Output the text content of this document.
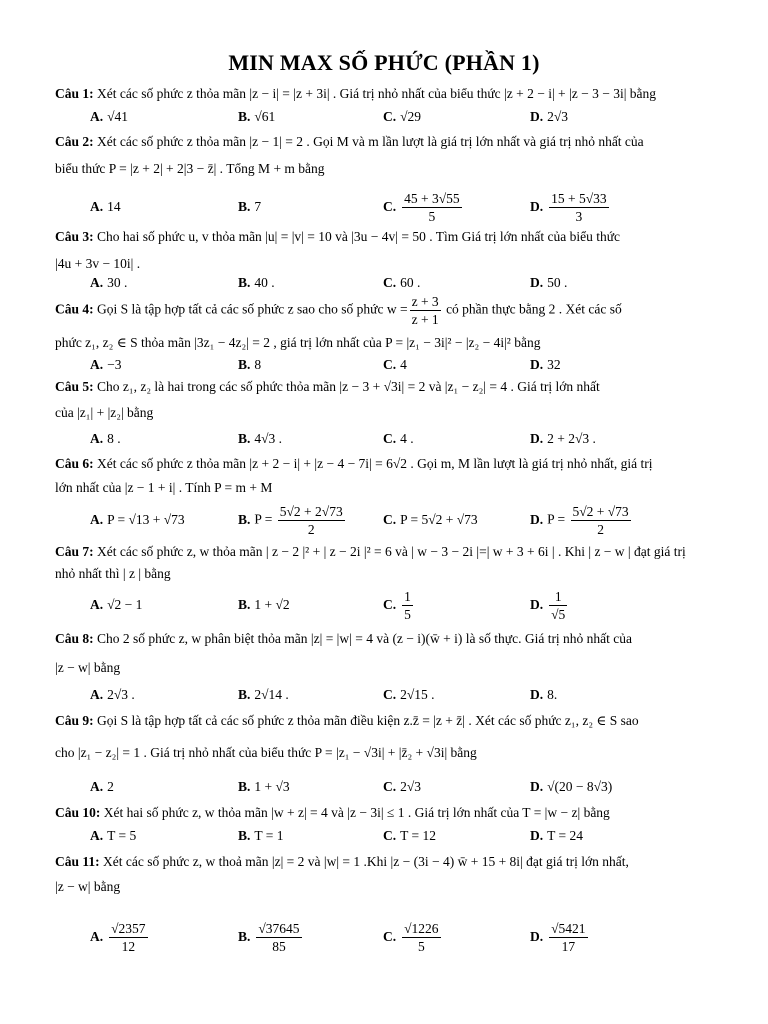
MIN MAX SỐ PHỨC (PHẦN 1)
Câu 1: Xét các số phức z thỏa mãn |z − i| = |z + 3i| . Giá trị nhỏ nhất của biểu thức |z + 2 − i| + |z − 3 − 3i| bằng
A. √41	B. √61	C. √29	D. 2√3
Câu 2: Xét các số phức z thỏa mãn |z − 1| = 2 . Gọi M và m lần lượt là giá trị lớn nhất và giá trị nhỏ nhất của
biểu thức P = |z + 2| + 2|3 − z̄| . Tổng M + m bằng
A. 14	B. 7	C. $\frac{45 + 3√55}{5}$	D. $\frac{15 + 5√33}{3}$
Câu 3: Cho hai số phức u, v thỏa mãn |u| = |v| = 10 và |3u − 4v| = 50 . Tìm Giá trị lớn nhất của biểu thức
|4u + 3v − 10i| .
A. 30 .	B. 40 .	C. 60 .	D. 50 .
Câu 4: Gọi S là tập hợp tất cả các số phức z sao cho số phức $w = \frac{z + 3}{z + 1}$ có phần thực bằng 2 . Xét các số
phức z₁, z₂ ∈ S thỏa mãn |3z₁ − 4z₂| = 2 , giá trị lớn nhất của P = |z₁ − 3i|² − |z₂ − 4i|² bằng
A. −3	B. 8	C. 4	D. 32
Câu 5: Cho z₁, z₂ là hai trong các số phức thỏa mãn |z − 3 + √3i| = 2 và |z₁ − z₂| = 4 . Giá trị lớn nhất
của |z₁| + |z₂| bằng
A. 8 .	B. 4√3 .	C. 4 .	D. 2 + 2√3 .
Câu 6: Xét các số phức z thỏa mãn |z + 2 − i| + |z − 4 − 7i| = 6√2 . Gọi m, M lần lượt là giá trị nhỏ nhất, giá trị
lớn nhất của |z − 1 + i| . Tính P = m + M
A. P = √13 + √73	B. $P = \frac{5√2 + 2√73}{2}$	C. P = 5√2 + √73	D. $P = \frac{5√2 + √73}{2}$
Câu 7: Xét các số phức z, w thỏa mãn | z − 2 |² + | z − 2i |² = 6 và | w − 3 − 2i |=| w + 3 + 6i | . Khi | z − w | đạt giá trị
nhỏ nhất thì | z | bằng
A. √2 − 1	B. 1 + √2	C. $\frac{1}{5}$	D. $\frac{1}{√5}$
Câu 8: Cho 2 số phức z, w phân biệt thỏa mãn |z| = |w| = 4 và (z − i)(w̄ + i) là số thực. Giá trị nhỏ nhất của
|z − w| bằng
A. 2√3 .	B. 2√14 .	C. 2√15 .	D. 8.
Câu 9: Gọi S là tập hợp tất cả các số phức z thỏa mãn điều kiện z.z̄ = |z + z̄| . Xét các số phức z₁, z₂ ∈ S sao
cho |z₁ − z₂| = 1 . Giá trị nhỏ nhất của biểu thức P = |z₁ − √3i| + |z̄₂ + √3i| bằng
A. 2	B. 1 + √3	C. 2√3	D. √(20 − 8√3)
Câu 10: Xét hai số phức z, w thỏa mãn |w + z| = 4 và |z − 3i| ≤ 1 . Giá trị lớn nhất của T = |w − z| bằng
A. T = 5	B. T = 1	C. T = 12	D. T = 24
Câu 11: Xét các số phức z, w thoả mãn |z| = 2 và |w| = 1 .Khi |z − (3i − 4) w̄ + 15 + 8i| đạt giá trị lớn nhất,
|z − w| bằng
A. $\frac{√2357}{12}$	B. $\frac{√37645}{85}$	C. $\frac{√1226}{5}$	D. $\frac{√5421}{17}$
